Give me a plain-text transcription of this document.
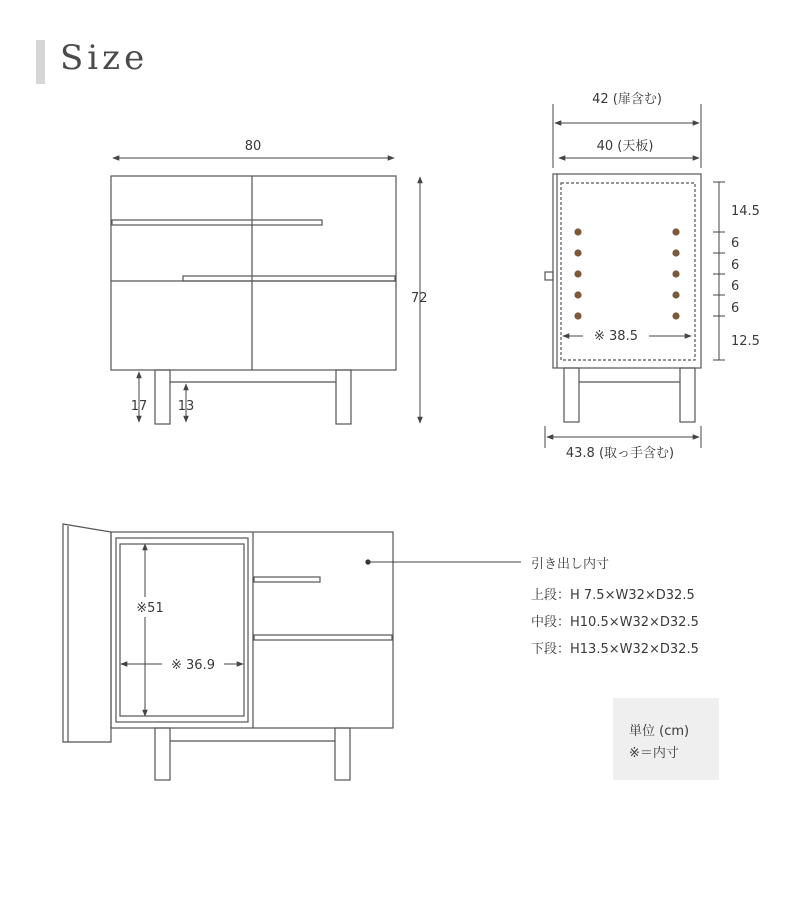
Size
80
72
17 13
42 (扉含む)
40 (天板)
※ 38.5
43.8 (取っ手含む)
14.5
6
6
6
6
12.5
※51
※ 36.9
引き出し内寸
上段：H 7.5×W32×D32.5
中段：H10.5×W32×D32.5
下段：H13.5×W32×D32.5
単位 (cm)
※＝内寸
